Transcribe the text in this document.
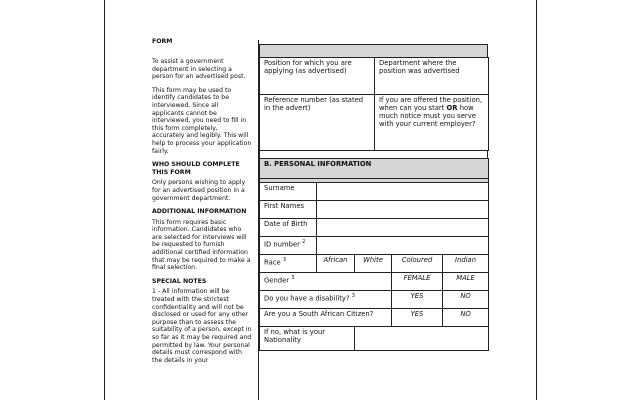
FORM

To assist a government department in selecting a person for an advertised post.

This form may be used to identify candidates to be interviewed. Since all applicants cannot be interviewed, you need to fill in this form completely, accurately and legibly. This will help to process your application fairly.

WHO SHOULD COMPLETE THIS FORM

Only persons wishing to apply for an advertised position in a government department.

ADDITIONAL INFORMATION

This form requires basic information. Candidates who are selected for interviews will be requested to furnish additional certified information that may be required to make a final selection.

SPECIAL NOTES

1 - All information will be treated with the strictest confidentiality and will not be disclosed or used for any other purpose than to assess the suitability of a person, except in so far as it may be required and permitted by law. Your personal details must correspond with the details in your

Position for which you are applying (as advertised)	Department where the position was advertised
Reference number (as stated in the advert)	If you are offered the position, when can you start OR how much notice must you serve with your current employer?
B. PERSONAL INFORMATION				

Surname				
First Names				
Date of Birth				
ID number $^2$	
Race $^3$	African	White	Coloured	Indian
Gender $^3$			FEMALE	MALE
Do you have a disability? $^3$			YES	NO
Are you a South African Citizen?			YES	NO
If no, what is your Nationality				
